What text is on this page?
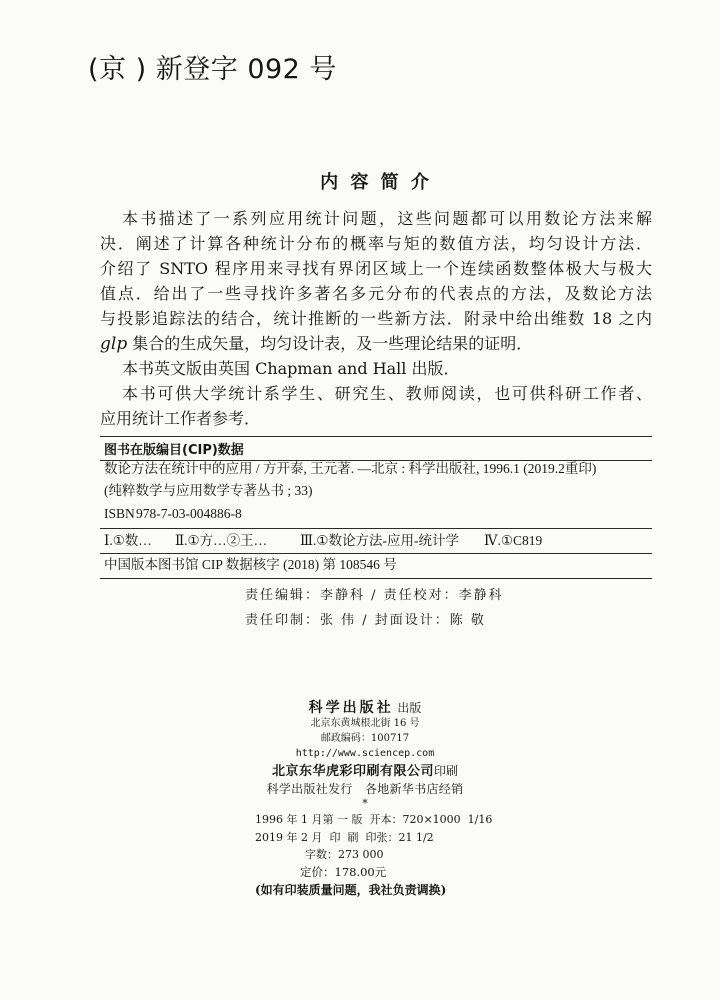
(京 ) 新登字 092 号
内 容 简 介
本书描述了一系列应用统计问题，这些问题都可以用数论方法来解
决．阐述了计算各种统计分布的概率与矩的数值方法，均匀设计方法．
介绍了 SNTO 程序用来寻找有界闭区域上一个连续函数整体极大与极大
值点．给出了一些寻找许多著名多元分布的代表点的方法，及数论方法
与投影追踪法的结合，统计推断的一些新方法．附录中给出维数 18 之内
glp 集合的生成矢量，均匀设计表，及一些理论结果的证明．
本书英文版由英国 Chapman and Hall 出版．
本书可供大学统计系学生、研究生、教师阅读，也可供科研工作者、
应用统计工作者参考．
图书在版编目(CIP)数据
数论方法在统计中的应用 / 方开泰, 王元著. —北京 : 科学出版社, 1996.1 (2019.2重印)
(纯粹数学与应用数学专著丛书 ; 33)
ISBN 978-7-03-004886-8
Ⅰ.①数… Ⅱ.①方…②王… Ⅲ.①数论方法-应用-统计学 Ⅳ.①C819
中国版本图书馆 CIP 数据核字 (2018) 第 108546 号
责任编辑：李静科 / 责任校对：李静科
责任印制：张 伟 / 封面设计：陈 敬
科学出版社 出版
北京东黄城根北街 16 号
邮政编码：100717
http://www.sciencep.com
北京东华虎彩印刷有限公司印刷
科学出版社发行   各地新华书店经销
*
1996 年 1 月第 一 版  开本：720×1000  1/16
2019 年 2 月  印  刷  印张：21 1/2
字数：273 000
定价：178.00元
(如有印装质量问题，我社负责调换)
